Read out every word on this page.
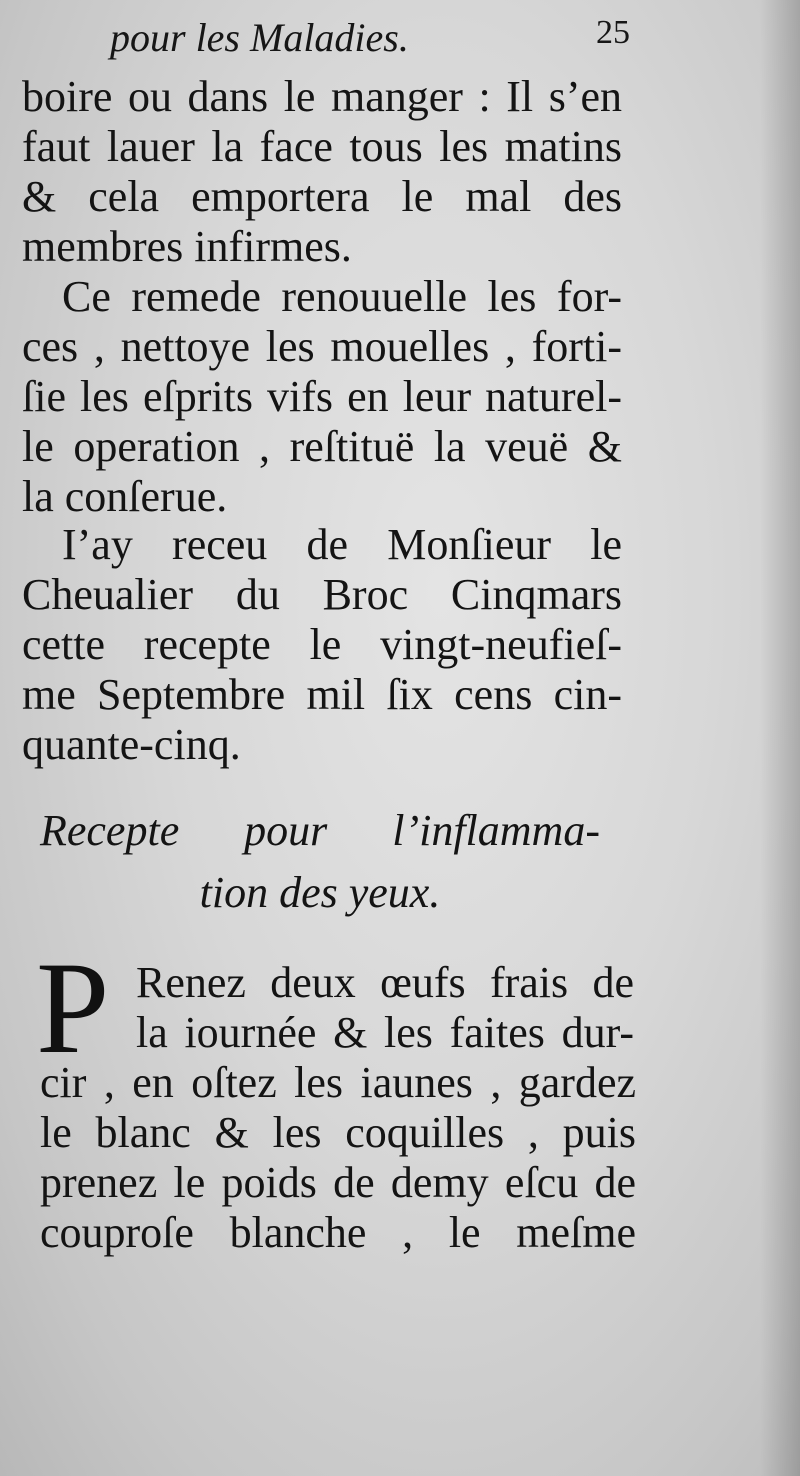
pour les Maladies.	25
boire ou dans le manger : Il s’en
faut lauer la face tous les matins
& cela emportera le mal des
membres infirmes.
Ce remede renouuelle les for-
ces , nettoye les mouelles , forti-
ſie les eſprits vifs en leur naturel-
le operation , reſtituë la veuë &
la conſerue.
I’ay receu de Monſieur le
Cheualier du Broc Cinqmars
cette recepte le vingt-neufieſ-
me Septembre mil ſix cens cin-
quante-cinq.
Recepte pour l’inflamma-
tion des yeux.
P Renez deux œufs frais de
la iournée & les faites dur-
cir , en oſtez les iaunes , gardez
le blanc & les coquilles , puis
prenez le poids de demy eſcu de
couproſe blanche , le meſme
